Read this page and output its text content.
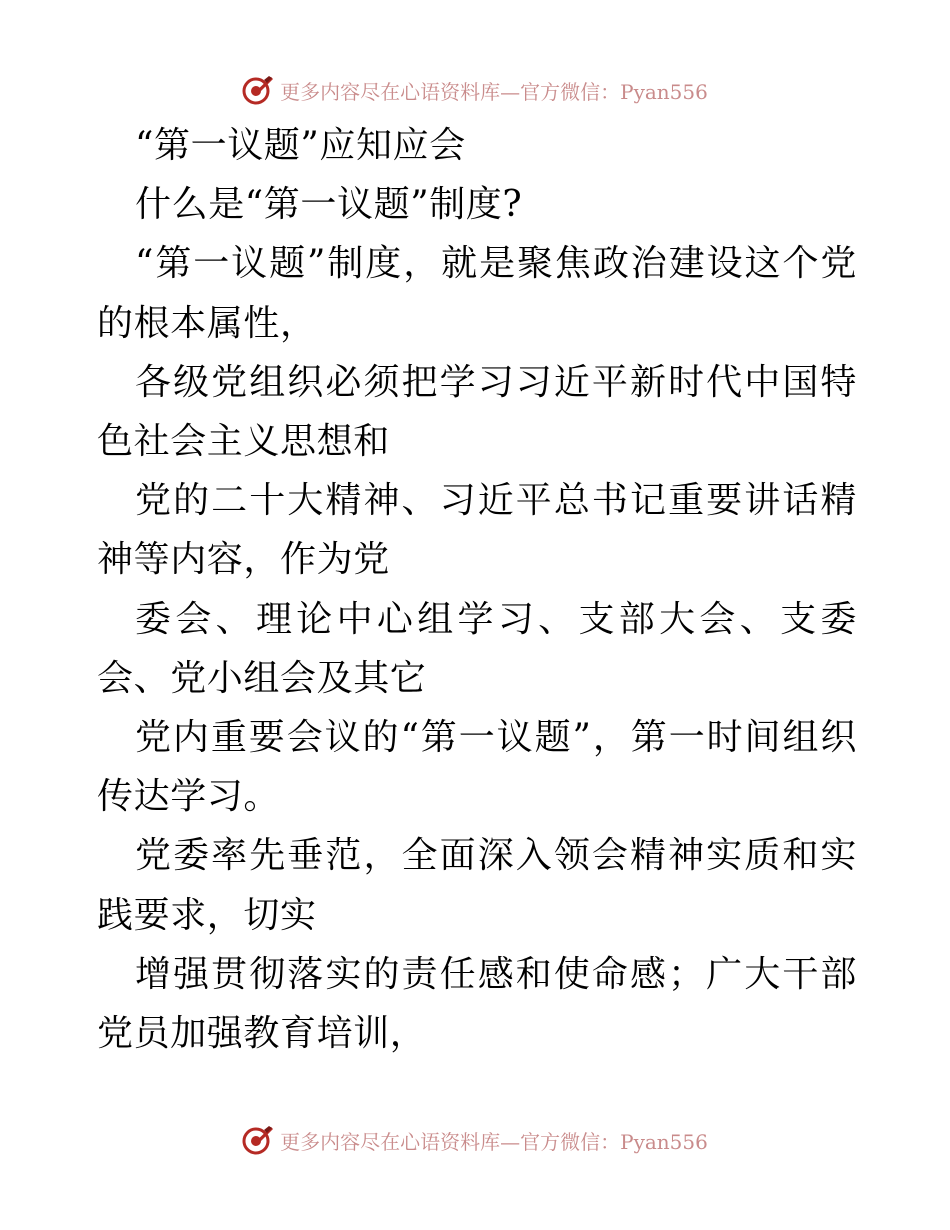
更多内容尽在心语资料库—官方微信：Pyan556

“第一议题”应知应会

什么是“第一议题”制度?

“第一议题”制度，就是聚焦政治建设这个党的根本属性，

各级党组织必须把学习习近平新时代中国特色社会主义思想和

党的二十大精神、习近平总书记重要讲话精神等内容，作为党

委会、理论中心组学习、支部大会、支委会、党小组会及其它

党内重要会议的“第一议题”，第一时间组织传达学习。

党委率先垂范，全面深入领会精神实质和实践要求，切实

增强贯彻落实的责任感和使命感；广大干部党员加强教育培训，

更多内容尽在心语资料库—官方微信：Pyan556
